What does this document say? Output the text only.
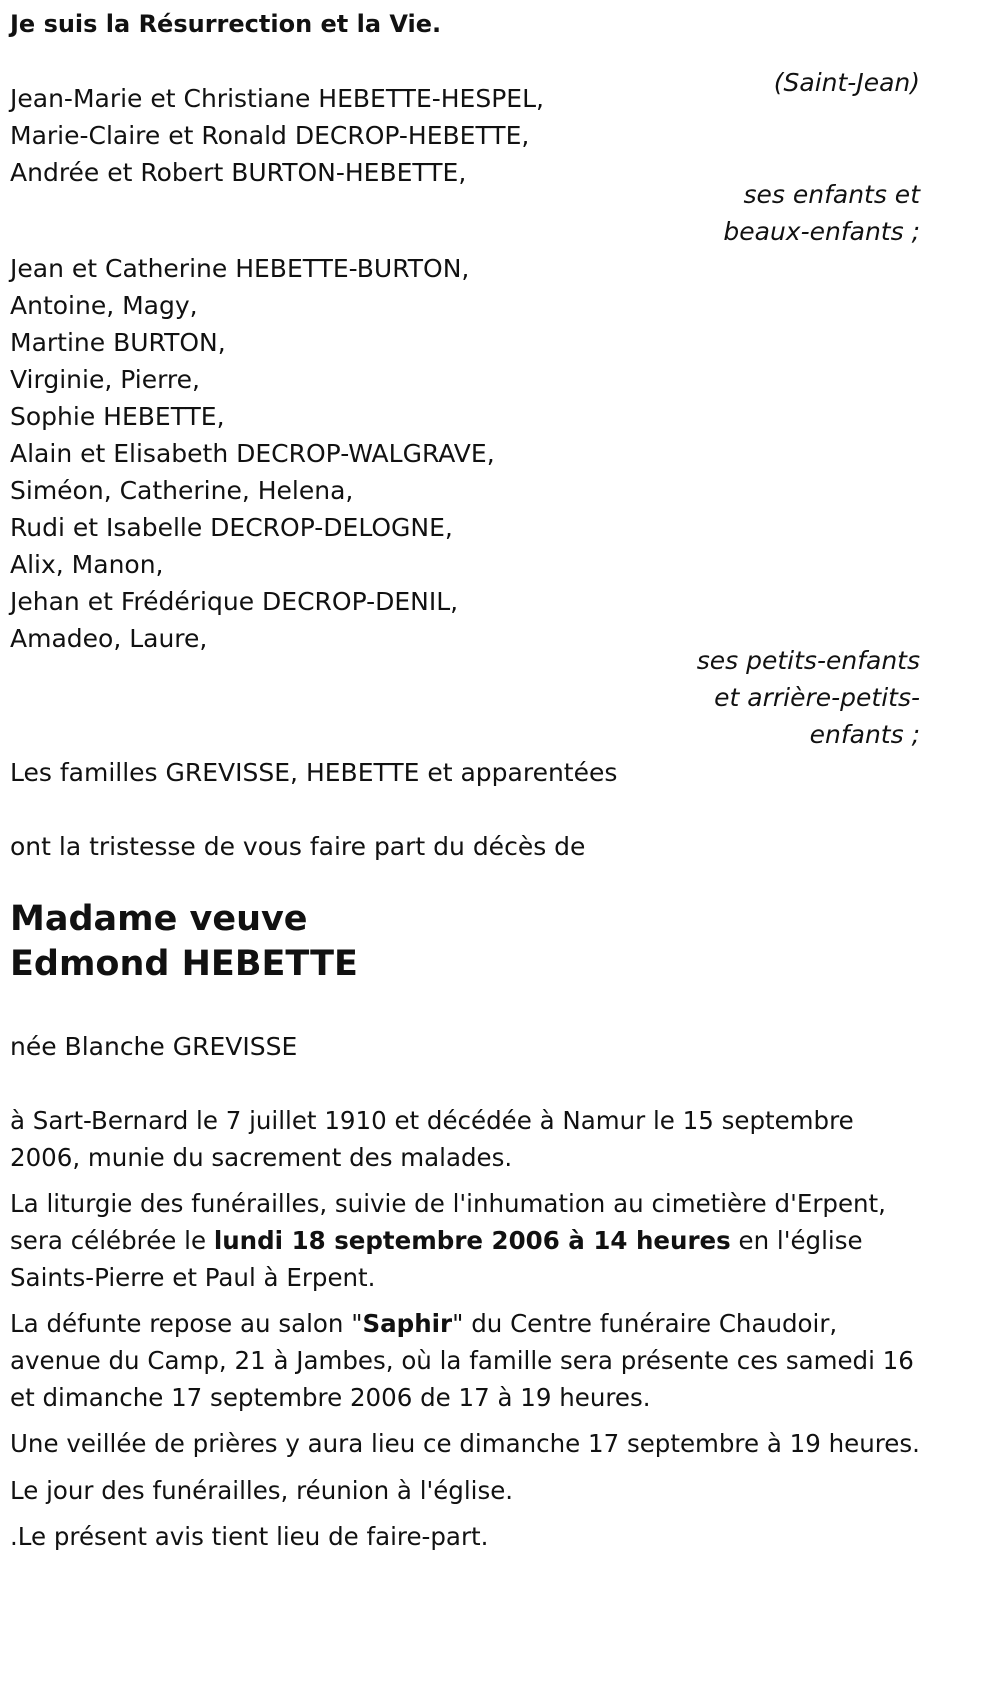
Je suis la Résurrection et la Vie.

(Saint-Jean)
Jean-Marie et Christiane HEBETTE-HESPEL,
Marie-Claire et Ronald DECROP-HEBETTE,
Andrée et Robert BURTON-HEBETTE,
ses enfants et
beaux-enfants ;
Jean et Catherine HEBETTE-BURTON,
Antoine, Magy,
Martine BURTON,
Virginie, Pierre,
Sophie HEBETTE,
Alain et Elisabeth DECROP-WALGRAVE,
Siméon, Catherine, Helena,
Rudi et Isabelle DECROP-DELOGNE,
Alix, Manon,
Jehan et Frédérique DECROP-DENIL,
Amadeo, Laure,
ses petits-enfants
et arrière-petits-
enfants ;

Les familles GREVISSE, HEBETTE et apparentées

ont la tristesse de vous faire part du décès de

Madame veuve
Edmond HEBETTE

née Blanche GREVISSE

à Sart-Bernard le 7 juillet 1910 et décédée à Namur le 15 septembre 2006, munie du sacrement des malades.

La liturgie des funérailles, suivie de l'inhumation au cimetière d'Erpent, sera célébrée le lundi 18 septembre 2006 à 14 heures en l'église Saints-Pierre et Paul à Erpent.

La défunte repose au salon "Saphir" du Centre funéraire Chaudoir, avenue du Camp, 21 à Jambes, où la famille sera présente ces samedi 16 et dimanche 17 septembre 2006 de 17 à 19 heures.

Une veillée de prières y aura lieu ce dimanche 17 septembre à 19 heures.

Le jour des funérailles, réunion à l'église.

.Le présent avis tient lieu de faire-part.
